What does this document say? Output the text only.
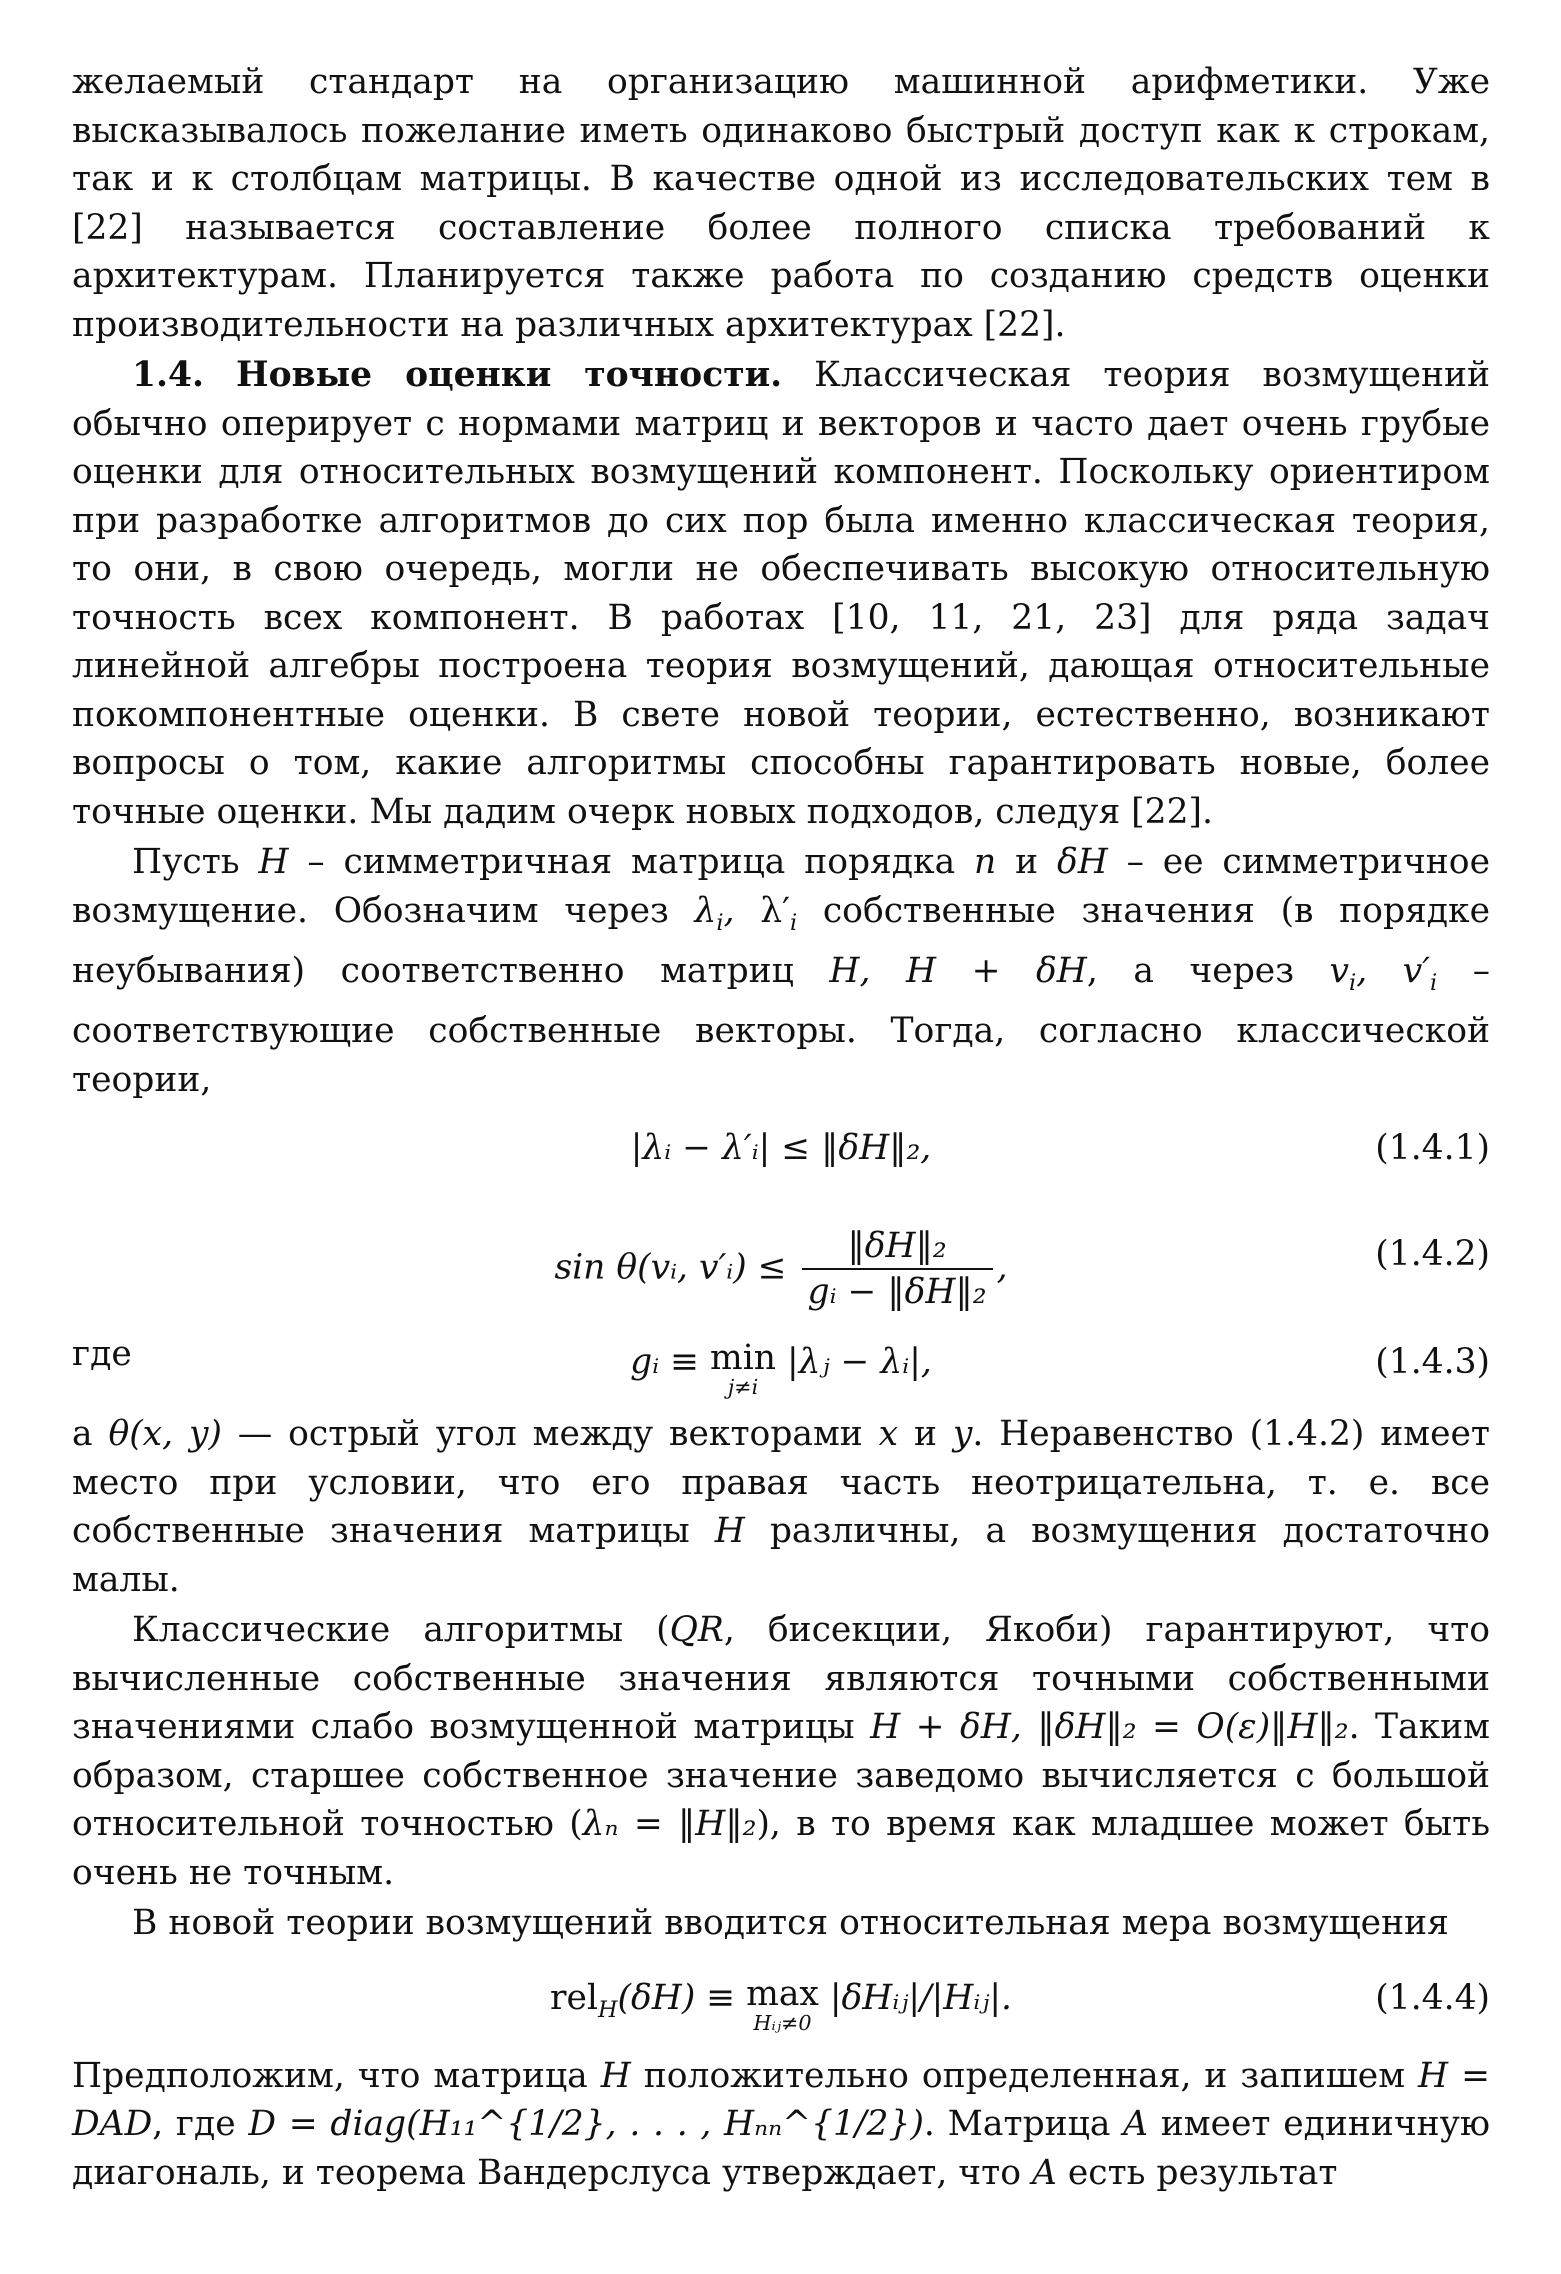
желаемый стандарт на организацию машинной арифметики. Уже высказывалось пожелание иметь одинаково быстрый доступ как к строкам, так и к столбцам матрицы. В качестве одной из исследовательских тем в [22] называется составление более полного списка требований к архитектурам. Планируется также работа по созданию средств оценки производительности на различных архитектурах [22].

1.4. Новые оценки точности. Классическая теория возмущений обычно оперирует с нормами матриц и векторов и часто дает очень грубые оценки для относительных возмущений компонент. Поскольку ориентиром при разработке алгоритмов до сих пор была именно классическая теория, то они, в свою очередь, могли не обеспечивать высокую относительную точность всех компонент. В работах [10, 11, 21, 23] для ряда задач линейной алгебры построена теория возмущений, дающая относительные покомпонентные оценки. В свете новой теории, естественно, возникают вопросы о том, какие алгоритмы способны гарантировать новые, более точные оценки. Мы дадим очерк новых подходов, следуя [22].

Пусть H – симметричная матрица порядка n и δH – ее симметричное возмущение. Обозначим через $\lambda_i$, $\lambda'_i$ собственные значения (в порядке неубывания) соответственно матриц H, H + δH, а через $v_i$, $v'_i$ – соответствующие собственные векторы. Тогда, согласно классической теории,

|λᵢ − λ′ᵢ| ≤ ‖δH‖₂,	(1.4.1)
sin θ(vᵢ, v′ᵢ) ≤ $\frac{\text{‖δH‖₂}}{\text{gᵢ − ‖δH‖₂}}$ ,	(1.4.2)
где	gᵢ ≡ min
j≠i
|λⱼ − λᵢ|,	(1.4.3)

а θ(x, y) — острый угол между векторами x и y. Неравенство (1.4.2) имеет место при условии, что его правая часть неотрицательна, т. е. все собственные значения матрицы H различны, а возмущения достаточно малы.

Классические алгоритмы (QR, бисекции, Якоби) гарантируют, что вычисленные собственные значения являются точными собственными значениями слабо возмущенной матрицы H + δH, ‖δH‖₂ = O(ε)‖H‖₂. Таким образом, старшее собственное значение заведомо вычисляется с большой относительной точностью (λₙ = ‖H‖₂), в то время как младшее может быть очень не точным.

В новой теории возмущений вводится относительная мера возмущения

rel$_H$(δH) ≡ max
Hᵢⱼ≠0
|δHᵢⱼ|/|Hᵢⱼ|.	(1.4.4)

Предположим, что матрица H положительно определенная, и запишем H = DAD, где D = diag(H₁₁^{1/2}, . . . , Hₙₙ^{1/2}). Матрица A имеет единичную диагональ, и теорема Вандерслуса утверждает, что A есть результат
